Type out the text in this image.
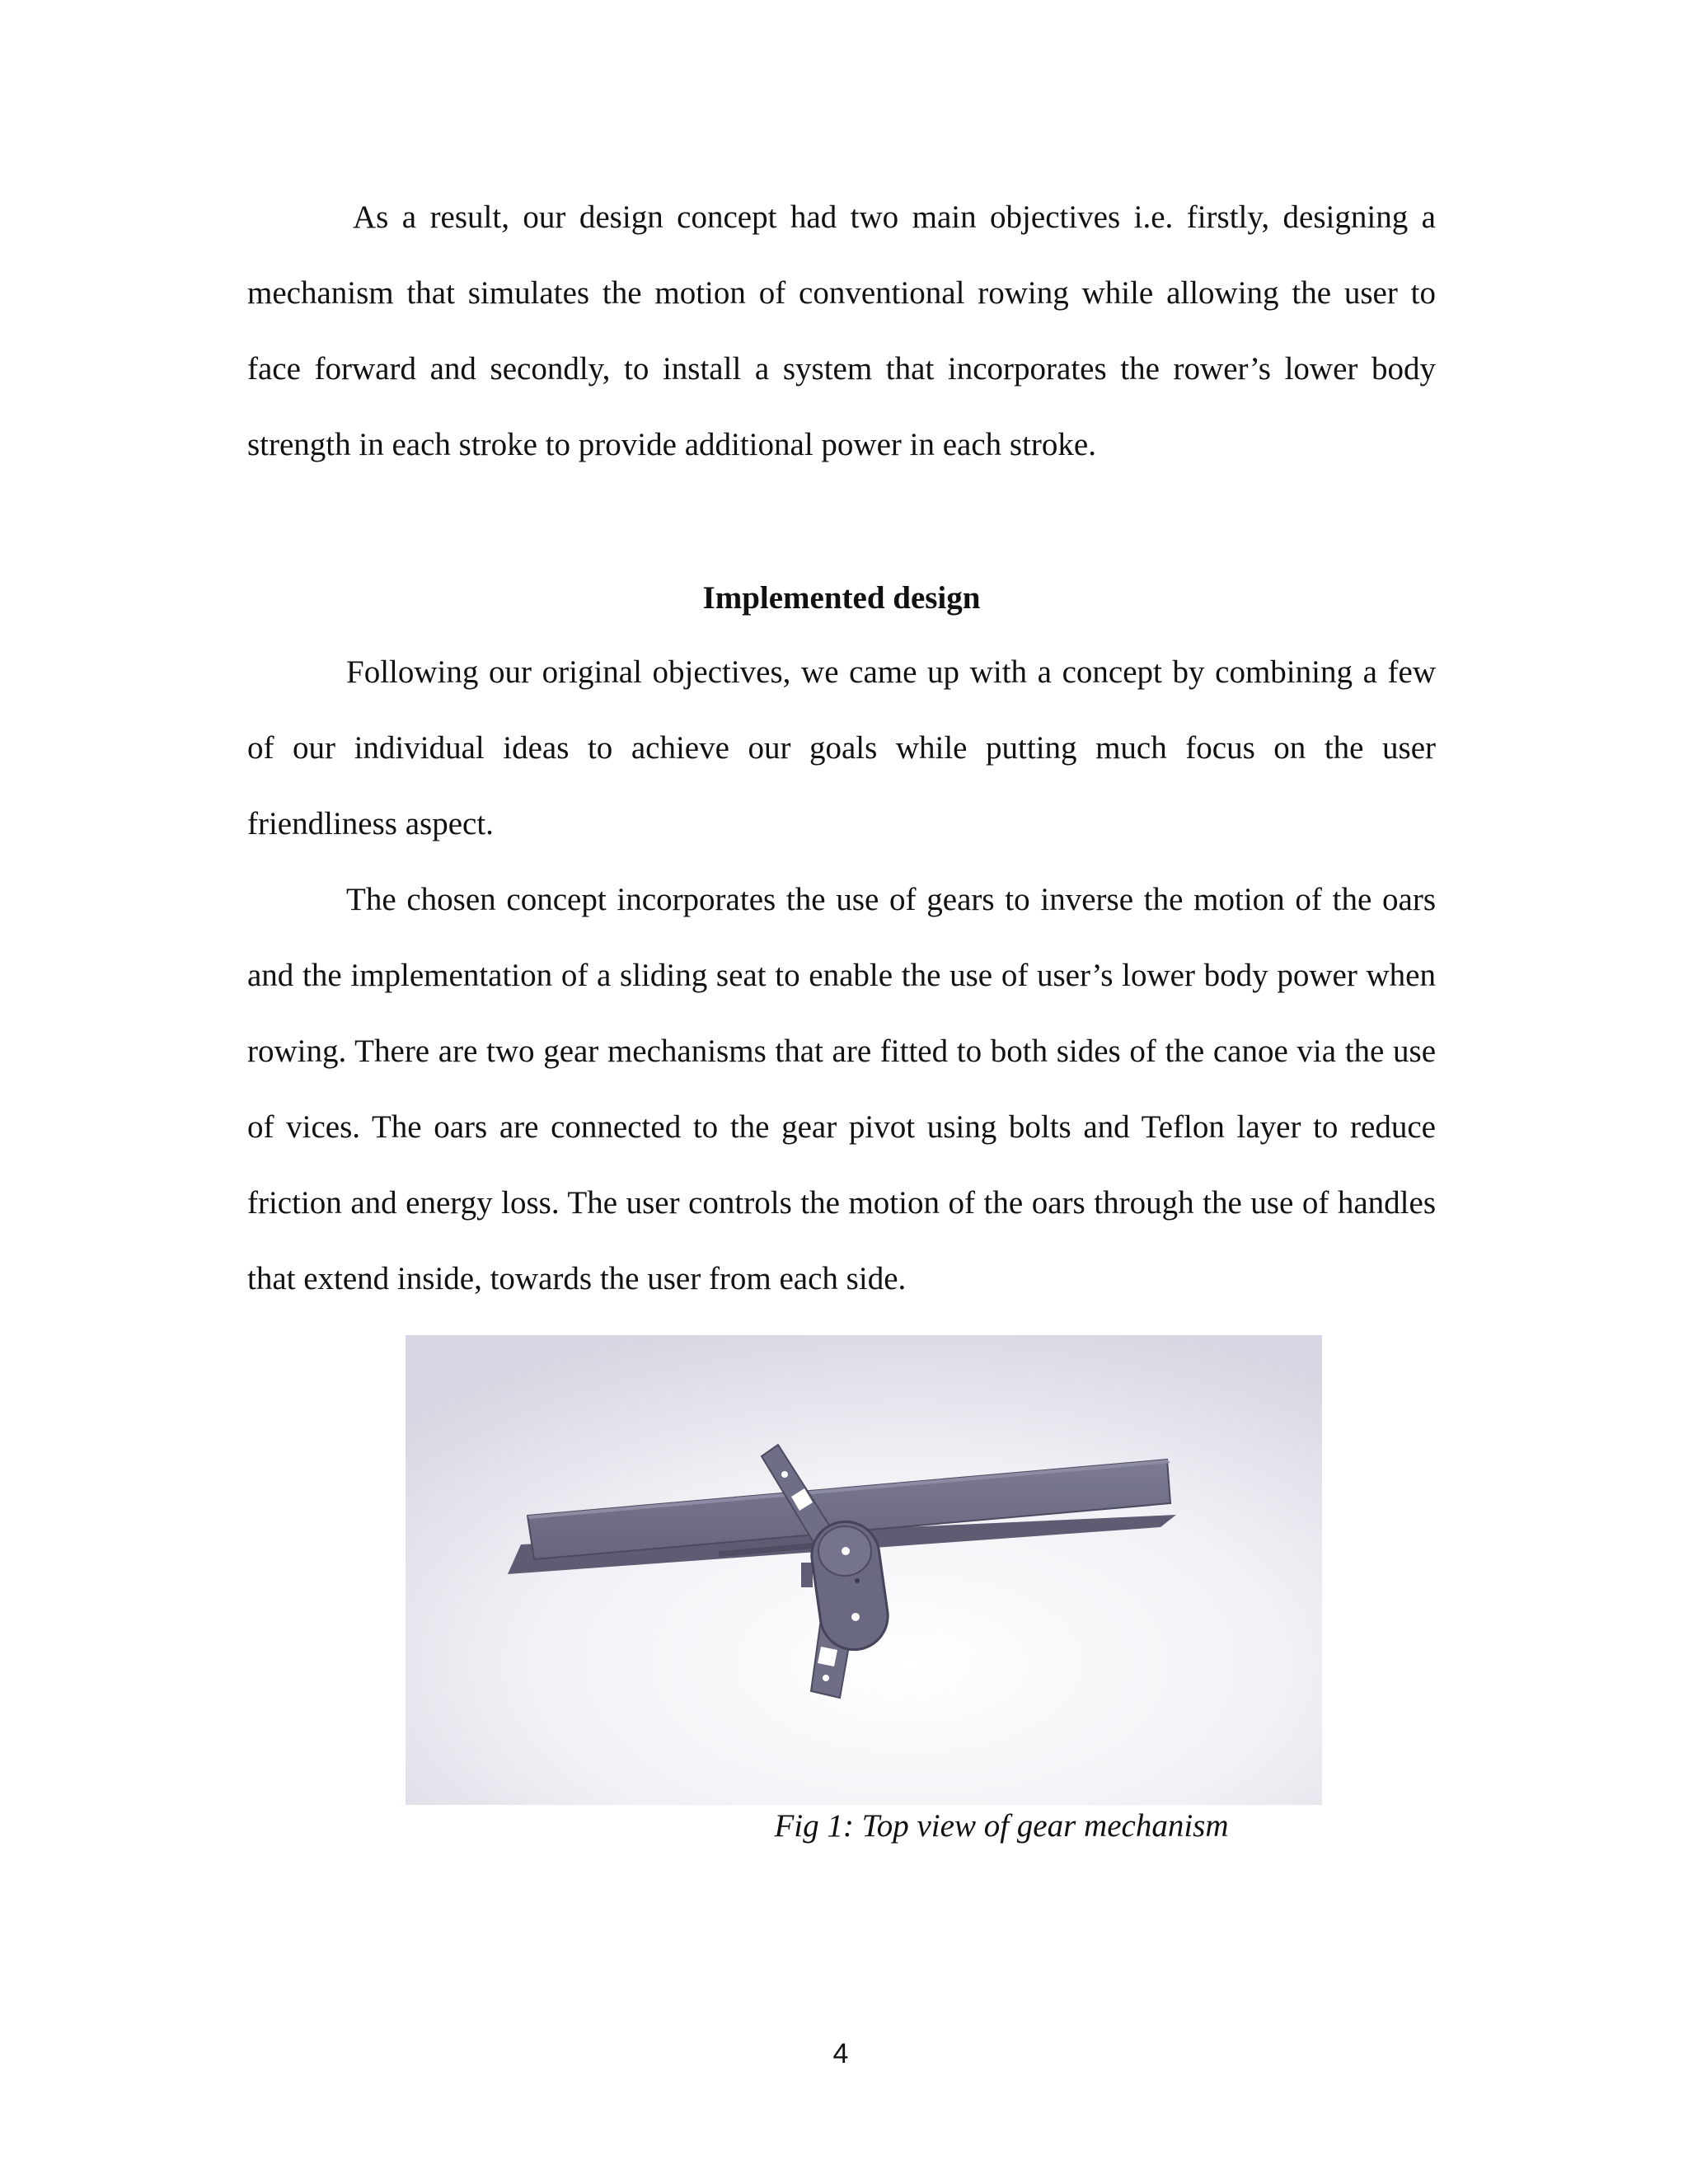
As a result, our design concept had two main objectives i.e. firstly, designing a mechanism that simulates the motion of conventional rowing while allowing the user to face forward and secondly, to install a system that incorporates the rower’s lower body strength in each stroke to provide additional power in each stroke.

Implemented design

Following our original objectives, we came up with a concept by combining a few of our individual ideas to achieve our goals while putting much focus on the user friendliness aspect.

The chosen concept incorporates the use of gears to inverse the motion of the oars and the implementation of a sliding seat to enable the use of user’s lower body power when rowing. There are two gear mechanisms that are fitted to both sides of the canoe via the use of vices. The oars are connected to the gear pivot using bolts and Teflon layer to reduce friction and energy loss. The user controls the motion of the oars through the use of handles that extend inside, towards the user from each side.

Fig 1: Top view of gear mechanism
4
